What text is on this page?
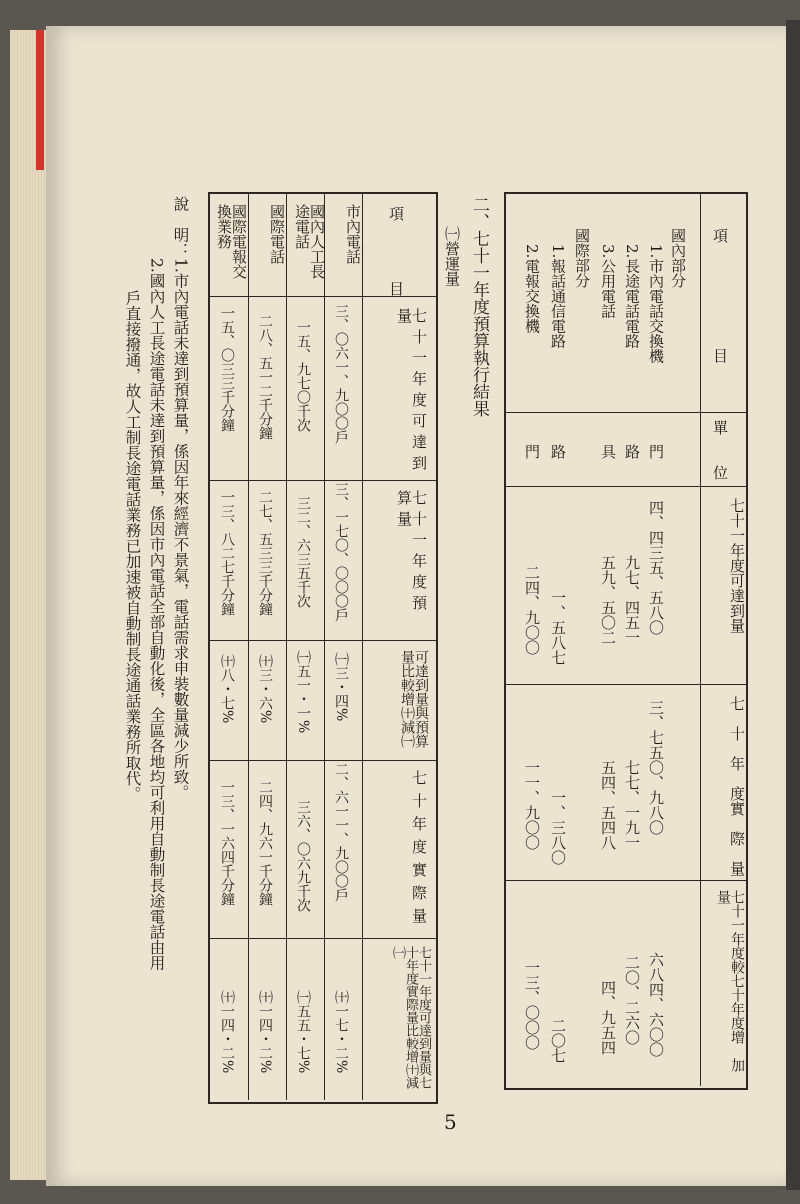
項　　　　　　　目
單　　位
七十一年度可達到量
七　十　年　度實　際　量
七十一年度較七十年度增　加　量
國內部分
1.市內電話交換機
門
四、四三五、五八〇
三、七五〇、九八〇
六八四、六〇〇
2.長途電話電路
路
九七、四五一
七七、一九一
二〇、二六〇
3.公用電話
具
五九、五〇二
五四、五四八
四、九五四
國際部分
1.報話通信電路
路
一、五八七
一、三八〇
二〇七
2.電報交換機
門
二四、九〇〇
一一、九〇〇
一三、〇〇〇
二、七十一年度預算執行結果
㈠營運量
項　　　　目
七十一年度可達到量
七十一年度預算量
可達到量與預算量比較增㈩減㈠
七十年度實際量
七十一年度可達到量與七十年度實際量比較增㈩減㈠
市內電話
三、〇六一、九〇〇戶
三、一七〇、〇〇〇戶
㈠三・四%
二、六一一、九〇〇戶
㈩一七・二%
國內人工長途電話
一五、九七〇千次
三二、六三五千次
㈠五一・一%
三六、〇六九千次
㈠五五・七%
國際電話
二八、五一二千分鐘
二七、五三三千分鐘
㈩三・六%
二四、九六一千分鐘
㈩一四・二%
國際電報交換業務
一五、〇三三千分鐘
一三、八二七千分鐘
㈩八・七%
一三、一六四千分鐘
㈩一四・二%
說　明：1.市內電話未達到預算量，係因年來經濟不景氣，電話需求申裝數量減少所致。
2.國內人工長途電話未達到預算量，係因市內電話全部自動化後，全區各地均可利用自動制長途電話由用
戶直接撥通，故人工制長途電話業務已加速被自動制長途通話業務所取代。
5
